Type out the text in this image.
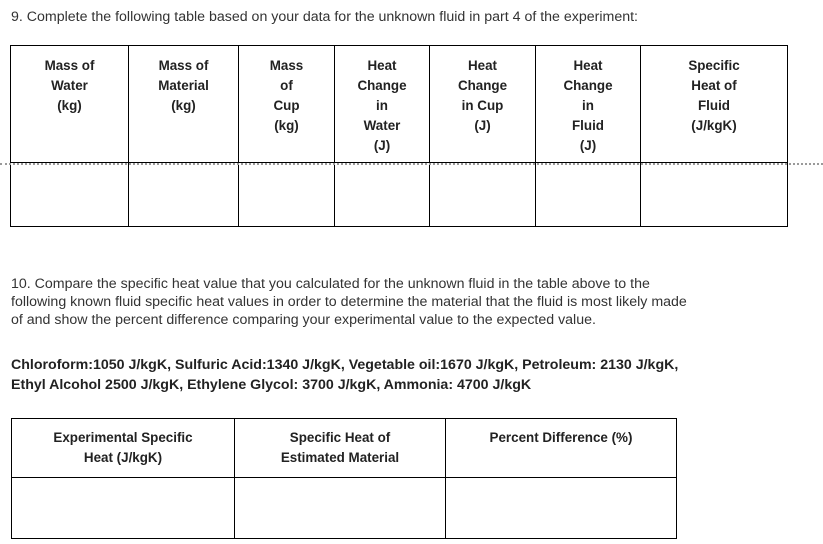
9. Complete the following table based on your data for the unknown fluid in part 4 of the experiment:

Mass of
Water
(kg)	Mass of
Material
(kg)	Mass
of
Cup
(kg)	Heat
Change
in
Water
(J)	Heat
Change
in Cup
(J)	Heat
Change
in
Fluid
(J)	Specific
Heat of
Fluid
(J/kgK)

10. Compare the specific heat value that you calculated for the unknown fluid in the table above to the
following known fluid specific heat values in order to determine the material that the fluid is most likely made
of and show the percent difference comparing your experimental value to the expected value.

Chloroform:1050 J/kgK, Sulfuric Acid:1340 J/kgK, Vegetable oil:1670 J/kgK, Petroleum: 2130 J/kgK,
Ethyl Alcohol 2500 J/kgK, Ethylene Glycol: 3700 J/kgK, Ammonia: 4700 J/kgK
Experimental Specific
Heat (J/kgK)	Specific Heat of
Estimated Material	Percent Difference (%)
